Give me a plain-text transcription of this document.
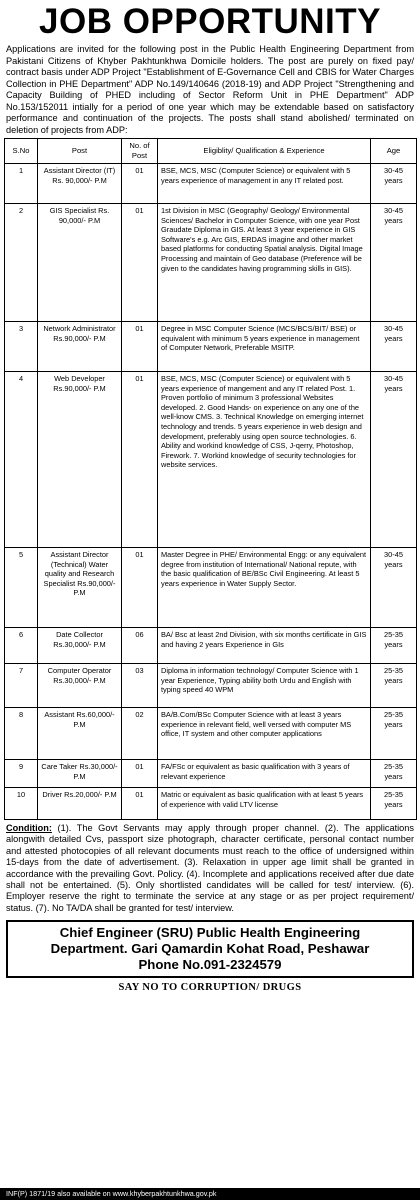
JOB OPPORTUNITY

Applications are invited for the following post in the Public Health Engineering Department from Pakistani Citizens of Khyber Pakhtunkhwa Domicile holders. The post are purely on fixed pay/ contract basis under ADP Project "Establishment of E-Governance Cell and CBIS for Water Charges Collection in PHE Department" ADP No.149/140646 (2018-19) and ADP Project "Strengthening and Capacity Building of PHED including of Sector Reform Unit in PHE Department" ADP No.153/152011 intially for a period of one year which may be extendable based on satisfactory performance and continuation of the projects. The posts shall stand abolished/ terminated on deletion of projects from ADP:

S.No	Post	No. of Post	Eligiblity/ Qualification & Experience	Age
1	Assistant Director (IT) Rs. 90,000/- P.M	01	BSE, MCS, MSC (Computer Science) or equivalent with 5 years experience of management in any IT related post.	30-45 years
2	GIS Specialist Rs. 90,000/- P.M	01	1st Division in MSC (Geography/ Geology/ Environmental Sciences/ Bachelor in Computer Science, with one year Post Graudate Diploma in GIS. At least 3 year experience in GIS Software's e.g. Arc GIS, ERDAS imagine and other market based platforms for conducting Spatial analysis. Digital Image Processing and maintain of Geo database (Preference will be given to the candidates having programming skills in GIS).	30-45 years
3	Network Administrator Rs.90,000/- P.M	01	Degree in MSC Computer Science (MCS/BCS/BIT/ BSE) or equivalent with minimum 5 years experience in management of Computer Network, Preferable MSITP.	30-45 years
4	Web Developer Rs.90,000/- P.M	01	BSE, MCS, MSC (Computer Science) or equivalent with 5 years experience of mangement and any IT related Post. 1. Proven portfolio of minimum 3 professional Websites developed. 2. Good Hands- on experience on any one of the well-know CMS. 3. Technical Knowledge on emerging internet technology and trends. 5 years experience in web design and development, preferably using open source technologies. 6. Ability and workind knowledge of CSS, J-qerry, Photoshop, Firework. 7. Workind knowledge of security technologies for website services.	30-45 years
5	Assistant Director (Technical) Water quality and Research Specialist Rs.90,000/- P.M	01	Master Degree in PHE/ Environmental Engg: or any equivalent degree from institution of International/ National repute, with the basic qualification of BE/BSc Civil Engineering. At least 5 years experience in Water Supply Sector.	30-45 years
6	Date Collector Rs.30,000/- P.M	06	BA/ Bsc at least 2nd Division, with six months certificate in GIS and having 2 years Experience in GIs	25-35 years
7	Computer Operator Rs.30,000/- P.M	03	Diploma in information technology/ Computer Science with 1 year Experience, Typing ability both Urdu and English with typing speed 40 WPM	25-35 years
8	Assistant Rs.60,000/- P.M	02	BA/B.Com/BSc Computer Science with at least 3 years experience in relevant field, well versed with computer MS office, IT system and other computer applications	25-35 years
9	Care Taker Rs.30,000/- P.M	01	FA/FSc or equivalent as basic qualification with 3 years of relevant experience	25-35 years
10	Driver Rs.20,000/- P.M	01	Matric or equivalent as basic qualification with at least 5 years of experience with valid LTV license	25-35 years

Condition: (1). The Govt Servants may apply through proper channel. (2). The applications alongwith detailed Cvs, passport size photograph, character certificate, personal contact number and attested photocopies of all relevant documents must reach to the office of undersigned within 15-days from the date of advertisement. (3). Relaxation in upper age limit shall be granted in accordance with the prevailing Govt. Policy. (4). Incomplete and applications received after due date shall not be entertained. (5). Only shortlisted candidates will be called for test/ interview. (6). Employer reserve the right to terminate the service at any stage or as per project requirement/ status. (7). No TA/DA shall be granted for test/ interview.

Chief Engineer (SRU) Public Health Engineering
Department. Gari Qamardin Kohat Road, Peshawar
Phone No.091-2324579
SAY NO TO CORRUPTION/ DRUGS
INF(P) 1871/19 also available on www.khyberpakhtunkhwa.gov.pk
